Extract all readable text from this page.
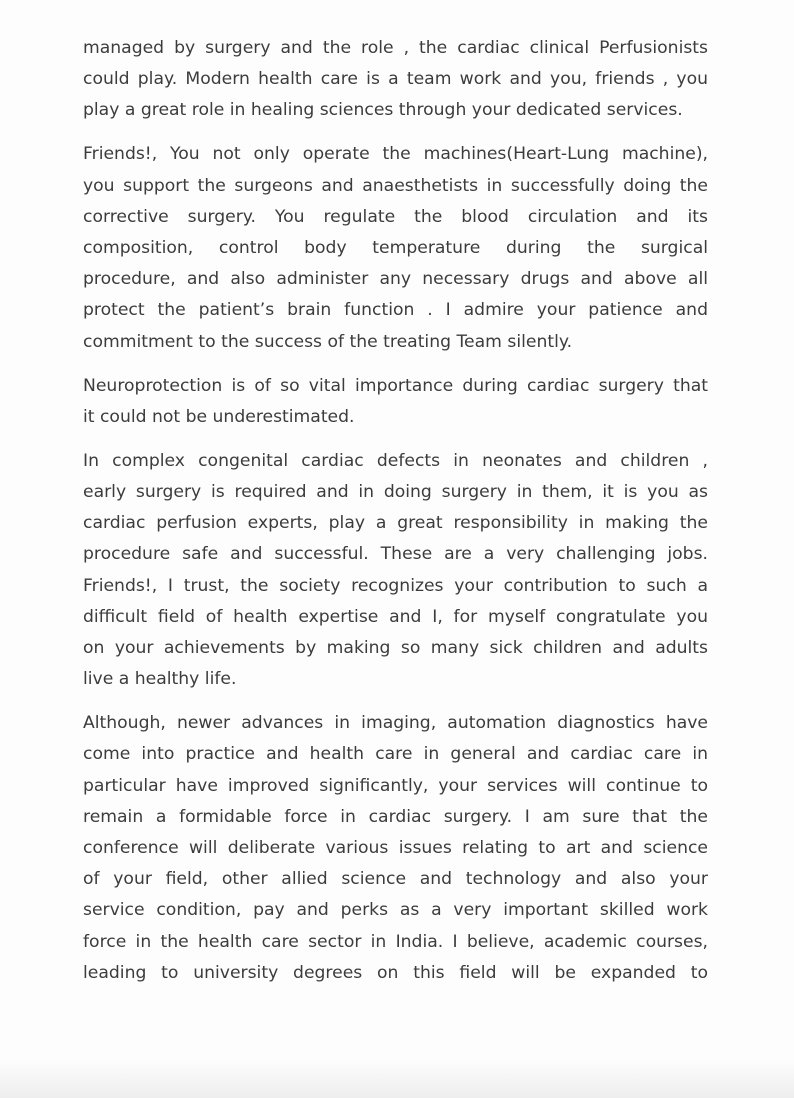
managed by surgery and the role , the cardiac clinical Perfusionists
could play. Modern health care is a team work and you, friends , you
play a great role in healing sciences through your dedicated services.

Friends!, You not only operate the machines(Heart-Lung machine),
you support the surgeons and anaesthetists in successfully doing the
corrective surgery. You regulate the blood circulation and its
composition, control body temperature during the surgical
procedure, and also administer any necessary drugs and above all
protect the patient’s brain function . I admire your patience and
commitment to the success of the treating Team silently.

Neuroprotection is of so vital importance during cardiac surgery that
it could not be underestimated.

In complex congenital cardiac defects in neonates and children ,
early surgery is required and in doing surgery in them, it is you as
cardiac perfusion experts, play a great responsibility in making the
procedure safe and successful. These are a very challenging jobs.
Friends!, I trust, the society recognizes your contribution to such a
difficult field of health expertise and I, for myself congratulate you
on your achievements by making so many sick children and adults
live a healthy life.

Although, newer advances in imaging, automation diagnostics have
come into practice and health care in general and cardiac care in
particular have improved significantly, your services will continue to
remain a formidable force in cardiac surgery. I am sure that the
conference will deliberate various issues relating to art and science
of your field, other allied science and technology and also your
service condition, pay and perks as a very important skilled work
force in the health care sector in India. I believe, academic courses,
leading to university degrees on this field will be expanded to
